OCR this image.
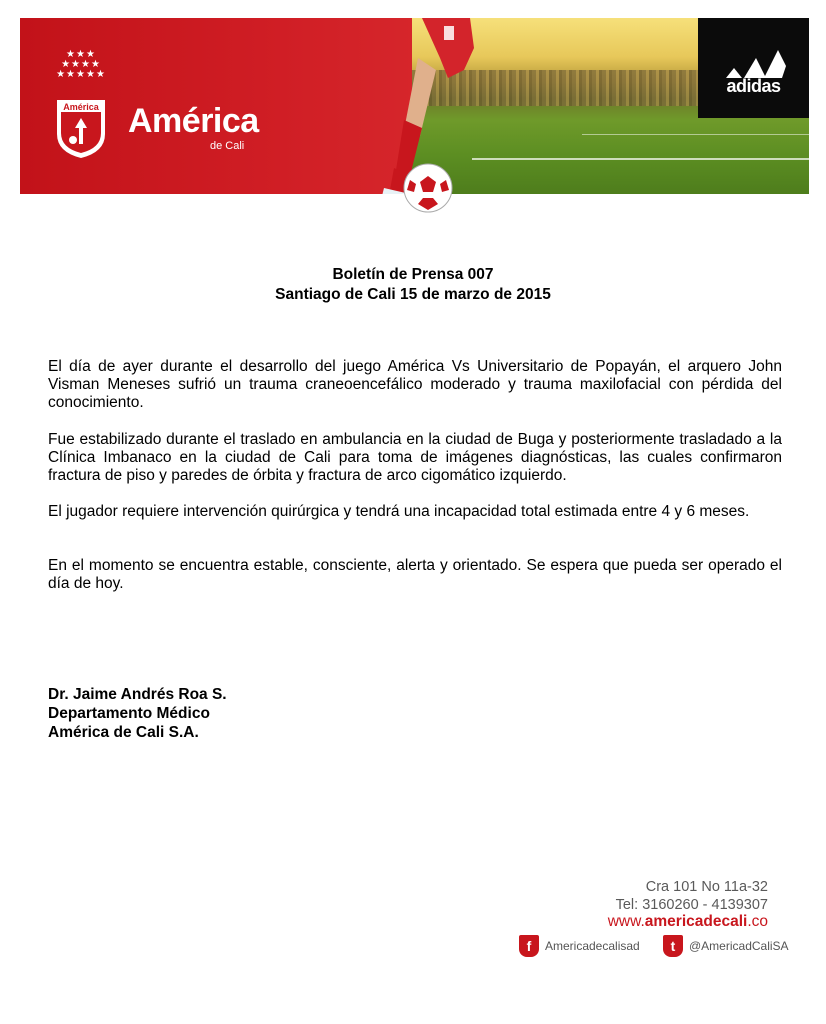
★★★
★★★★
★★★★★
América América
de Cali
adidas
Boletín de Prensa 007
Santiago de Cali 15 de marzo de 2015
El día de ayer durante el desarrollo del juego América Vs Universitario de Popayán, el arquero John Visman Meneses sufrió un trauma craneoencefálico moderado y trauma maxilofacial con pérdida del conocimiento.
Fue estabilizado durante el traslado en ambulancia en la ciudad de Buga y posteriormente trasladado a la Clínica Imbanaco en la ciudad de Cali para toma de imágenes diagnósticas, las cuales confirmaron fractura de piso y paredes de órbita y fractura de arco cigomático izquierdo.
El jugador requiere intervención quirúrgica y tendrá una incapacidad total estimada entre 4 y 6 meses.
En el momento se encuentra estable, consciente, alerta y orientado. Se espera que pueda ser operado el día de hoy.
Dr. Jaime Andrés Roa S.
Departamento Médico
América de Cali S.A.
Cra 101 No 11a-32
Tel: 3160260 - 4139307
www.americadecali.co
f	Americadecalisad	t	@AmericadCaliSA
